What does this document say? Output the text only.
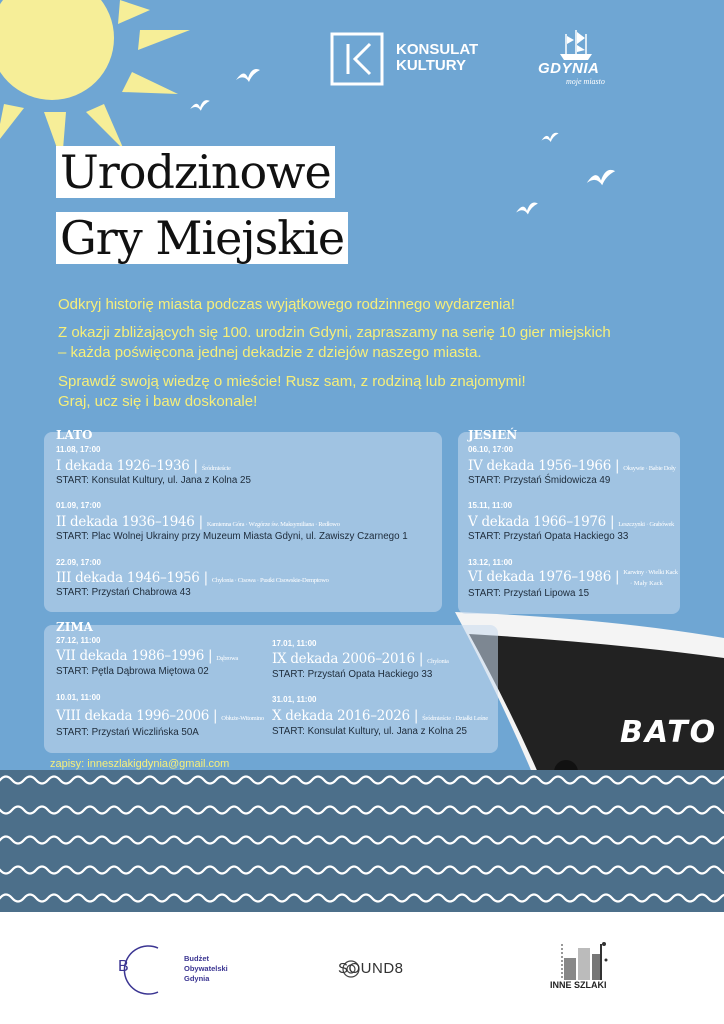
KONSULAT
KULTURY	GDYNIA
moje miasto
Urodzinowe
Gry Miejskie
Odkryj historię miasta podczas wyjątkowego rodzinnego wydarzenia!
Z okazji zbliżających się 100. urodzin Gdyni, zapraszamy na serię 10 gier miejskich
– każda poświęcona jednej dekadzie z dziejów naszego miasta.
Sprawdź swoją wiedzę o mieście! Rusz sam, z rodziną lub znajomymi!
Graj, ucz się i baw doskonale!
BATO
LATO
11.08, 17:00
I dekada 1926–1936 | Śródmieście
START: Konsulat Kultury, ul. Jana z Kolna 25
01.09, 17:00
II dekada 1936–1946 | Kamienna Góra · Wzgórze św. Maksymiliana · Redłowo
START: Plac Wolnej Ukrainy przy Muzeum Miasta Gdyni, ul. Zawiszy Czarnego 1
22.09, 17:00
III dekada 1946–1956 | Chylonia · Cisowa · Pustki Cisowskie-Demptowo
START: Przystań Chabrowa 43
JESIEŃ
06.10, 17:00
IV dekada 1956–1966 | Oksywie · Babie Doły
START: Przystań Śmidowicza 49
15.11, 11:00
V dekada 1966–1976 | Leszczynki · Grabówek
START: Przystań Opata Hackiego 33
13.12, 11:00
VI dekada 1976–1986 | Karwiny · Wielki Kack
· Mały Kack
START: Przystań Lipowa 15
ZIMA
27.12, 11:00
VII dekada 1986–1996 | Dąbrowa
START: Pętla Dąbrowa Miętowa 02
10.01, 11:00
VIII dekada 1996–2006 | Obłuże-Witomino
START: Przystań Wiczlińska 50A
17.01, 11:00
IX dekada 2006–2016 | Chylonia
START: Przystań Opata Hackiego 33
31.01, 11:00
X dekada 2016–2026 | Śródmieście · Działki Leśne
START: Konsulat Kultury, ul. Jana z Kolna 25
zapisy: inneszlakigdynia@gmail.com
B	Budżet
Obywatelski
Gdynia
SOUND8
INNE SZLAKI
